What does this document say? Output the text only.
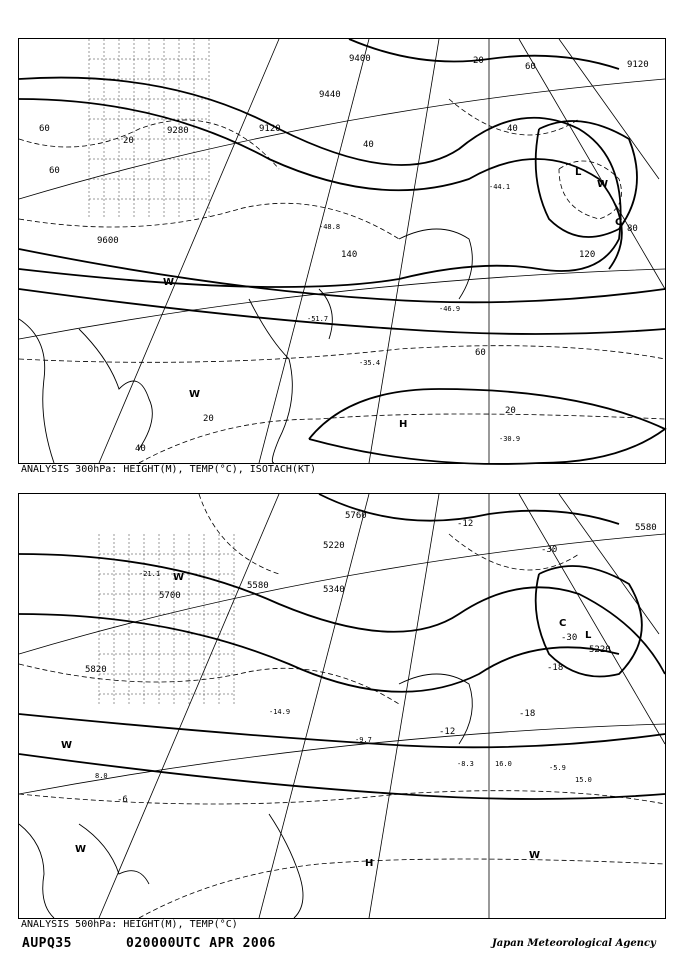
9400
9440
9120
9280
9600
9120
20
20
20
40
40
60
60
60
80
120
140
40
20
60
L
C
H
W
W
W
-51.7
-46.9
-35.4
-44.1
-30.9
-48.8
ANALYSIS 300hPa: HEIGHT(M), TEMP(°C), ISOTACH(KT)
5700
5580	5340
5220
5760
5820
5220
5580
-12
-30
-30
-18
-12
-6
-18
L
C
H
W
W
W
W
-21.1
-14.9
-9.7
-8.3	-5.9
15.0
16.0
8.0
ANALYSIS 500hPa: HEIGHT(M), TEMP(°C)
AUPQ35	020000UTC APR 2006	Japan Meteorological Agency
